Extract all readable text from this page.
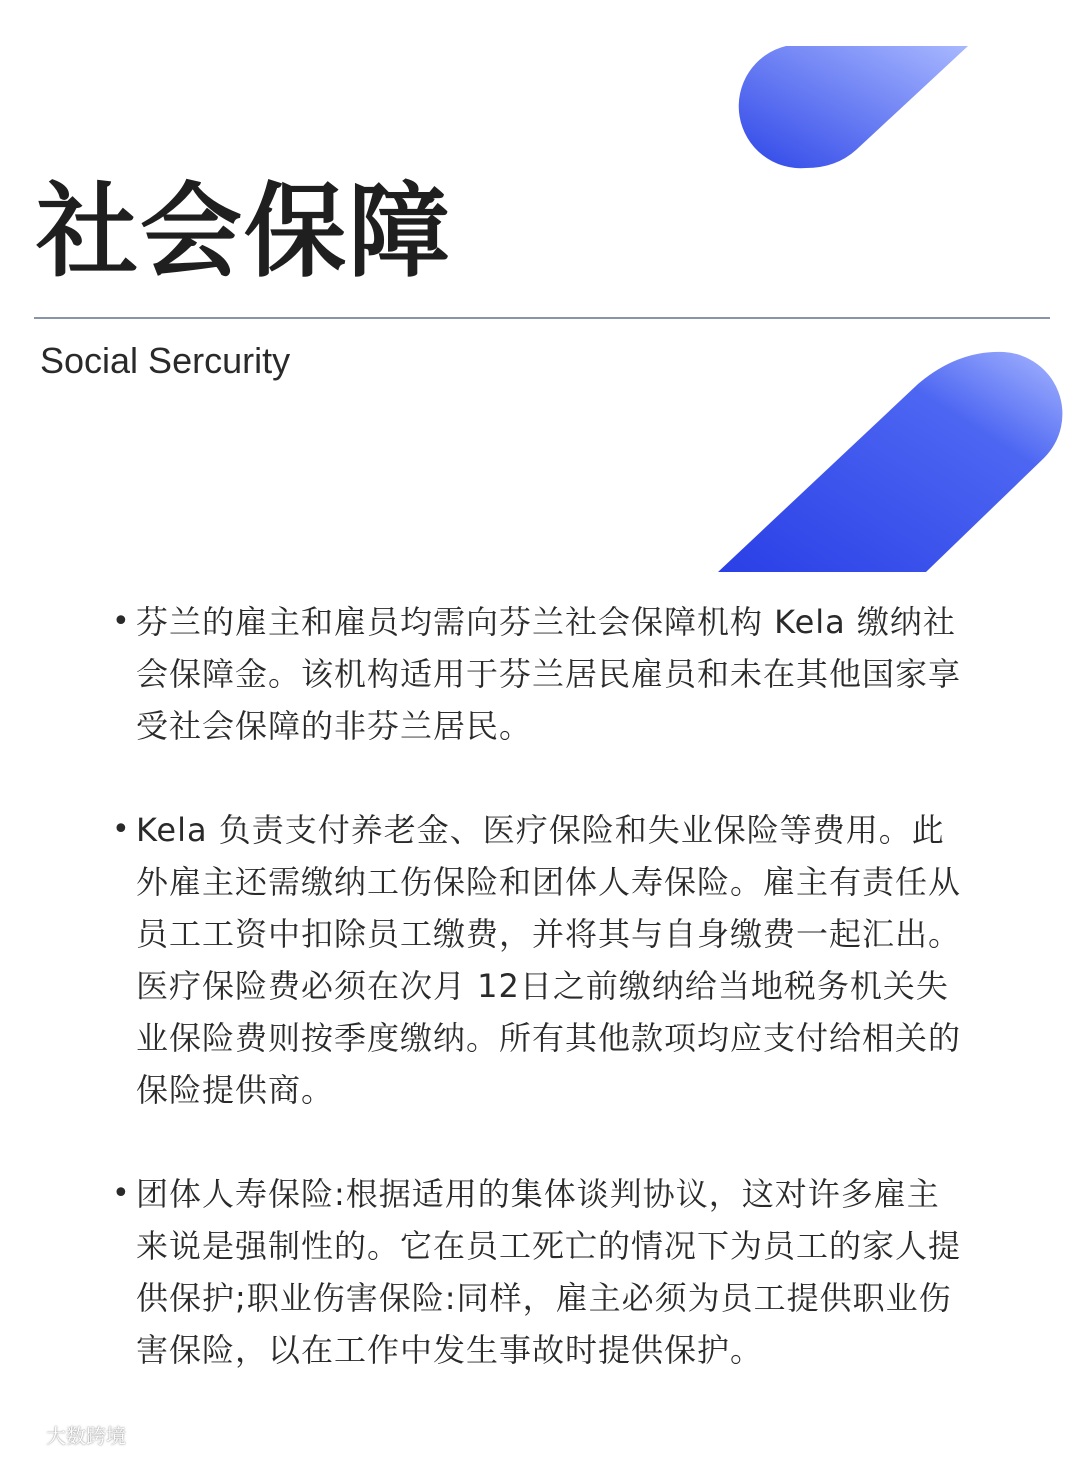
社会保障

Social Sercurity

• 芬兰的雇主和雇员均需向芬兰社会保障机构 Kela 缴纳社会保障金。该机构适用于芬兰居民雇员和未在其他国家享受社会保障的非芬兰居民。
• Kela 负责支付养老金、医疗保险和失业保险等费用。此外雇主还需缴纳工伤保险和团体人寿保险。雇主有责任从员工工资中扣除员工缴费，并将其与自身缴费一起汇出。医疗保险费必须在次月 12日之前缴纳给当地税务机关失业保险费则按季度缴纳。所有其他款项均应支付给相关的保险提供商。
• 团体人寿保险:根据适用的集体谈判协议，这对许多雇主来说是强制性的。它在员工死亡的情况下为员工的家人提供保护;职业伤害保险:同样，雇主必须为员工提供职业伤害保险，以在工作中发生事故时提供保护。
大数跨境
